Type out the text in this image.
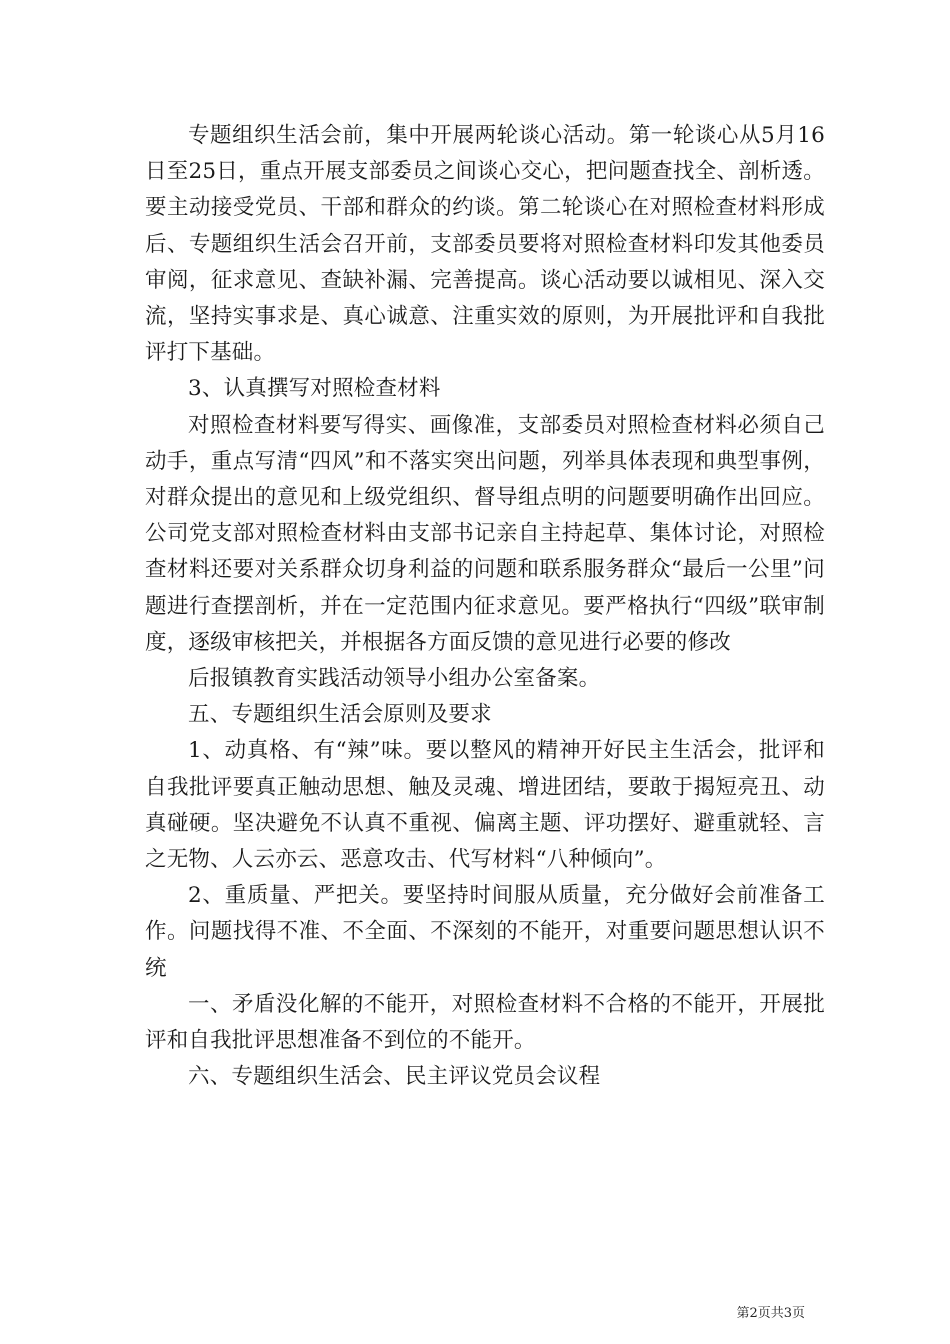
专题组织生活会前，集中开展两轮谈心活动。第一轮谈心从5月16日至25日，重点开展支部委员之间谈心交心，把问题查找全、剖析透。要主动接受党员、干部和群众的约谈。第二轮谈心在对照检查材料形成后、专题组织生活会召开前，支部委员要将对照检查材料印发其他委员审阅，征求意见、查缺补漏、完善提高。谈心活动要以诚相见、深入交流，坚持实事求是、真心诚意、注重实效的原则，为开展批评和自我批评打下基础。

3、认真撰写对照检查材料

对照检查材料要写得实、画像准，支部委员对照检查材料必须自己动手，重点写清“四风”和不落实突出问题，列举具体表现和典型事例，对群众提出的意见和上级党组织、督导组点明的问题要明确作出回应。公司党支部对照检查材料由支部书记亲自主持起草、集体讨论，对照检查材料还要对关系群众切身利益的问题和联系服务群众“最后一公里”问题进行查摆剖析，并在一定范围内征求意见。要严格执行“四级”联审制度，逐级审核把关，并根据各方面反馈的意见进行必要的修改

后报镇教育实践活动领导小组办公室备案。

五、专题组织生活会原则及要求

1、动真格、有“辣”味。要以整风的精神开好民主生活会，批评和自我批评要真正触动思想、触及灵魂、增进团结，要敢于揭短亮丑、动真碰硬。坚决避免不认真不重视、偏离主题、评功摆好、避重就轻、言之无物、人云亦云、恶意攻击、代写材料“八种倾向”。

2、重质量、严把关。要坚持时间服从质量，充分做好会前准备工作。问题找得不准、不全面、不深刻的不能开，对重要问题思想认识不统

一、矛盾没化解的不能开，对照检查材料不合格的不能开，开展批评和自我批评思想准备不到位的不能开。

六、专题组织生活会、民主评议党员会议程

第2页共3页
